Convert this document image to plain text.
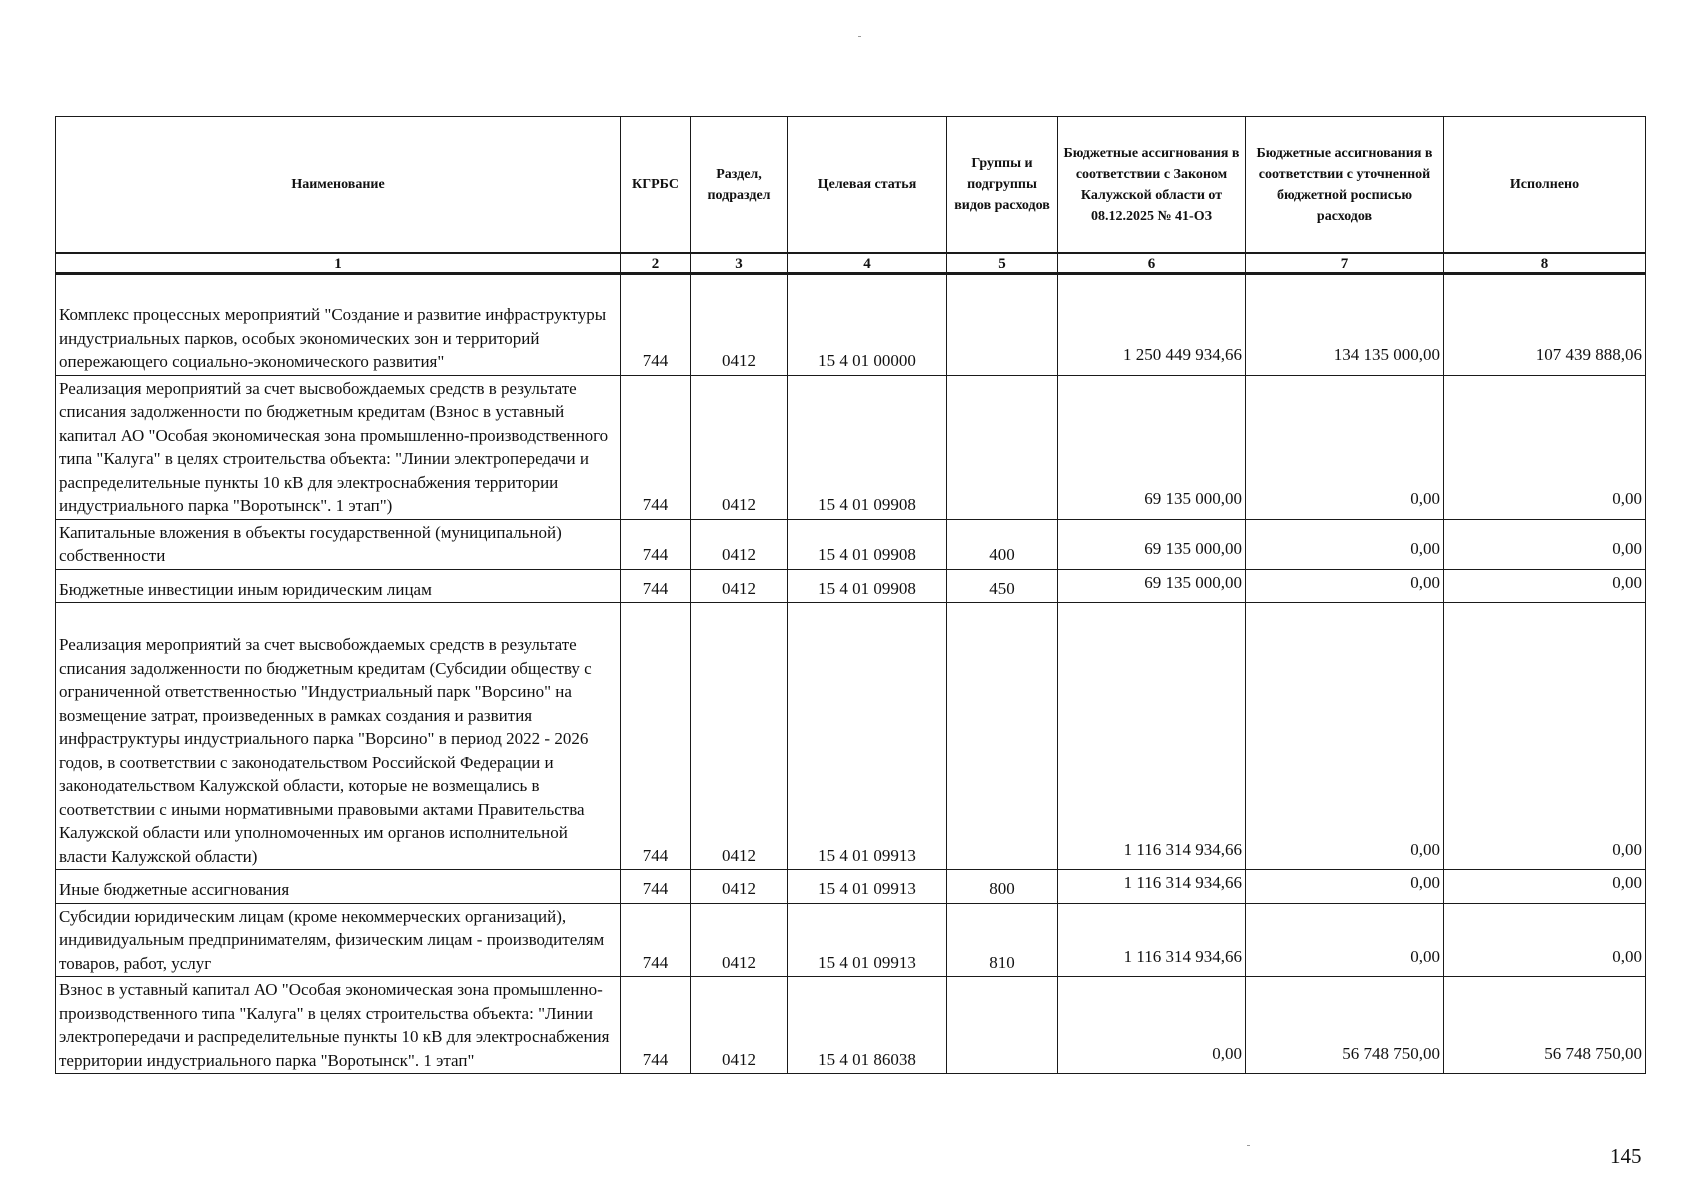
Наименование	КГРБС	Раздел, подраздел	Целевая статья	Группы и подгруппы видов расходов	Бюджетные ассигнования в соответствии с Законом Калужской области от 08.12.2025 № 41-ОЗ	Бюджетные ассигнования в соответствии с уточненной бюджетной росписью расходов	Исполнено
1	2	3	4	5	6	7	8
Комплекс процессных мероприятий "Создание и развитие инфраструктуры индустриальных парков, особых экономических зон и территорий опережающего социально-экономического развития"	744	0412	15 4 01 00000		1 250 449 934,66	134 135 000,00	107 439 888,06
Реализация мероприятий за счет высвобождаемых средств в результате списания задолженности по бюджетным кредитам (Взнос в уставный капитал АО "Особая экономическая зона промышленно-производственного типа "Калуга" в целях строительства объекта: "Линии электропередачи и распределительные пункты 10 кВ для электроснабжения территории индустриального парка "Воротынск". 1 этап")	744	0412	15 4 01 09908		69 135 000,00	0,00	0,00
Капитальные вложения в объекты государственной (муниципальной) собственности	744	0412	15 4 01 09908	400	69 135 000,00	0,00	0,00
Бюджетные инвестиции иным юридическим лицам	744	0412	15 4 01 09908	450	69 135 000,00	0,00	0,00
Реализация мероприятий за счет высвобождаемых средств в результате списания задолженности по бюджетным кредитам (Субсидии обществу с ограниченной ответственностью "Индустриальный парк "Ворсино" на возмещение затрат, произведенных в рамках создания и развития инфраструктуры индустриального парка "Ворсино" в период 2022 - 2026 годов, в соответствии с законодательством Российской Федерации и законодательством Калужской области, которые не возмещались в соответствии с иными нормативными правовыми актами Правительства Калужской области или уполномоченных им органов исполнительной власти Калужской области)	744	0412	15 4 01 09913		1 116 314 934,66	0,00	0,00
Иные бюджетные ассигнования	744	0412	15 4 01 09913	800	1 116 314 934,66	0,00	0,00
Субсидии юридическим лицам (кроме некоммерческих организаций), индивидуальным предпринимателям, физическим лицам - производителям товаров, работ, услуг	744	0412	15 4 01 09913	810	1 116 314 934,66	0,00	0,00
Взнос в уставный капитал АО "Особая экономическая зона промышленно-производственного типа "Калуга" в целях строительства объекта: "Линии электропередачи и распределительные пункты 10 кВ для электроснабжения территории индустриального парка "Воротынск". 1 этап"	744	0412	15 4 01 86038		0,00	56 748 750,00	56 748 750,00
145
